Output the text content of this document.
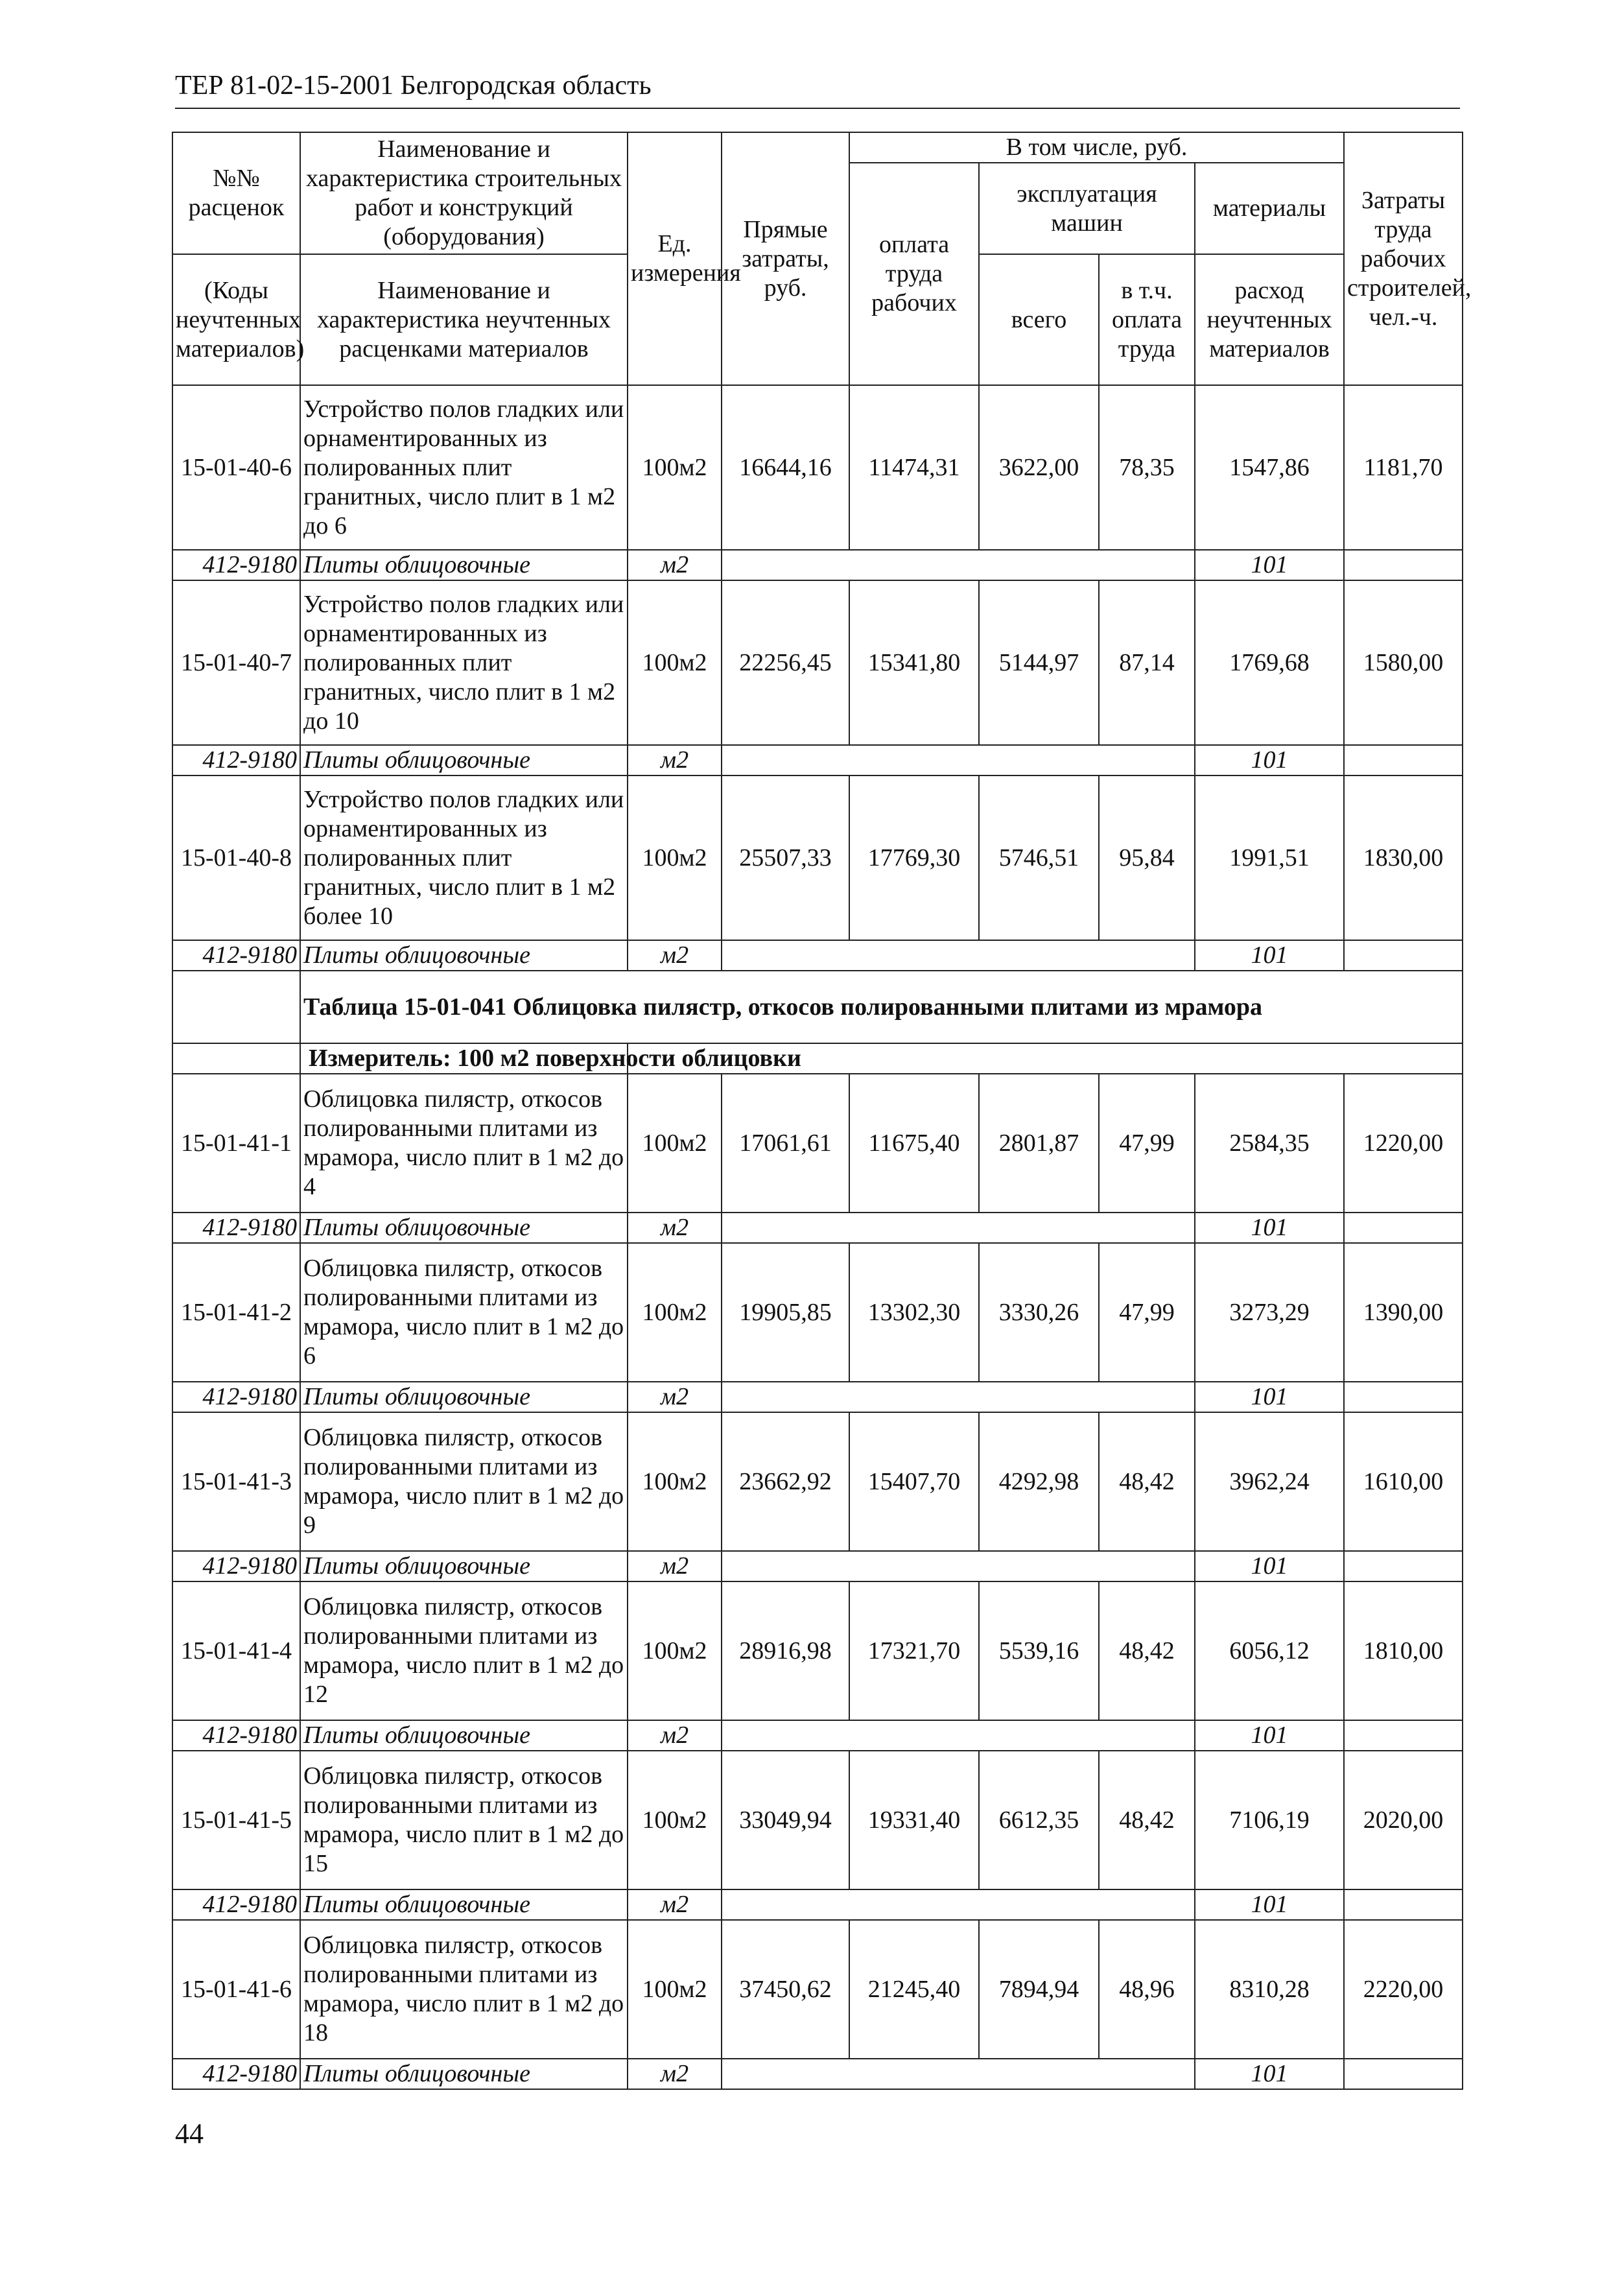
ТЕР 81-02-15-2001 Белгородская область
№№ расценок	Наименование и характеристика строительных работ и конструкций (оборудования)	Ед. измерения	Прямые затраты, руб.	В том числе, руб.				Затраты труда рабочих строителей, чел.-ч.
				оплата труда рабочих	эксплуатация машин		материалы	
(Коды неучтенных материалов)	Наименование и характеристика неучтенных расценками материалов				всего	в т.ч. оплата труда	расход неучтенных материалов	

15-01-40-6	Устройство полов гладких или орнаментированных из полированных плит гранитных, число плит в 1 м2 до 6	100м2	16644,16	11474,31	3622,00	78,35	1547,86	1181,70
412-9180	Плиты облицовочные	м2					101	
15-01-40-7	Устройство полов гладких или орнаментированных из полированных плит гранитных, число плит в 1 м2 до 10	100м2	22256,45	15341,80	5144,97	87,14	1769,68	1580,00
412-9180	Плиты облицовочные	м2					101	
15-01-40-8	Устройство полов гладких или орнаментированных из полированных плит гранитных, число плит в 1 м2 более 10	100м2	25507,33	17769,30	5746,51	95,84	1991,51	1830,00
412-9180	Плиты облицовочные	м2					101	
	Таблица 15-01-041 Облицовка пилястр, откосов полированными плитами из мрамора							
	Измеритель: 100 м2 поверхности облицовки							
15-01-41-1	Облицовка пилястр, откосов полированными плитами из мрамора, число плит в 1 м2 до 4	100м2	17061,61	11675,40	2801,87	47,99	2584,35	1220,00
412-9180	Плиты облицовочные	м2					101	
15-01-41-2	Облицовка пилястр, откосов полированными плитами из мрамора, число плит в 1 м2 до 6	100м2	19905,85	13302,30	3330,26	47,99	3273,29	1390,00
412-9180	Плиты облицовочные	м2					101	
15-01-41-3	Облицовка пилястр, откосов полированными плитами из мрамора, число плит в 1 м2 до 9	100м2	23662,92	15407,70	4292,98	48,42	3962,24	1610,00
412-9180	Плиты облицовочные	м2					101	
15-01-41-4	Облицовка пилястр, откосов полированными плитами из мрамора, число плит в 1 м2 до 12	100м2	28916,98	17321,70	5539,16	48,42	6056,12	1810,00
412-9180	Плиты облицовочные	м2					101	
15-01-41-5	Облицовка пилястр, откосов полированными плитами из мрамора, число плит в 1 м2 до 15	100м2	33049,94	19331,40	6612,35	48,42	7106,19	2020,00
412-9180	Плиты облицовочные	м2					101	
15-01-41-6	Облицовка пилястр, откосов полированными плитами из мрамора, число плит в 1 м2 до 18	100м2	37450,62	21245,40	7894,94	48,96	8310,28	2220,00
412-9180	Плиты облицовочные	м2					101	
44
